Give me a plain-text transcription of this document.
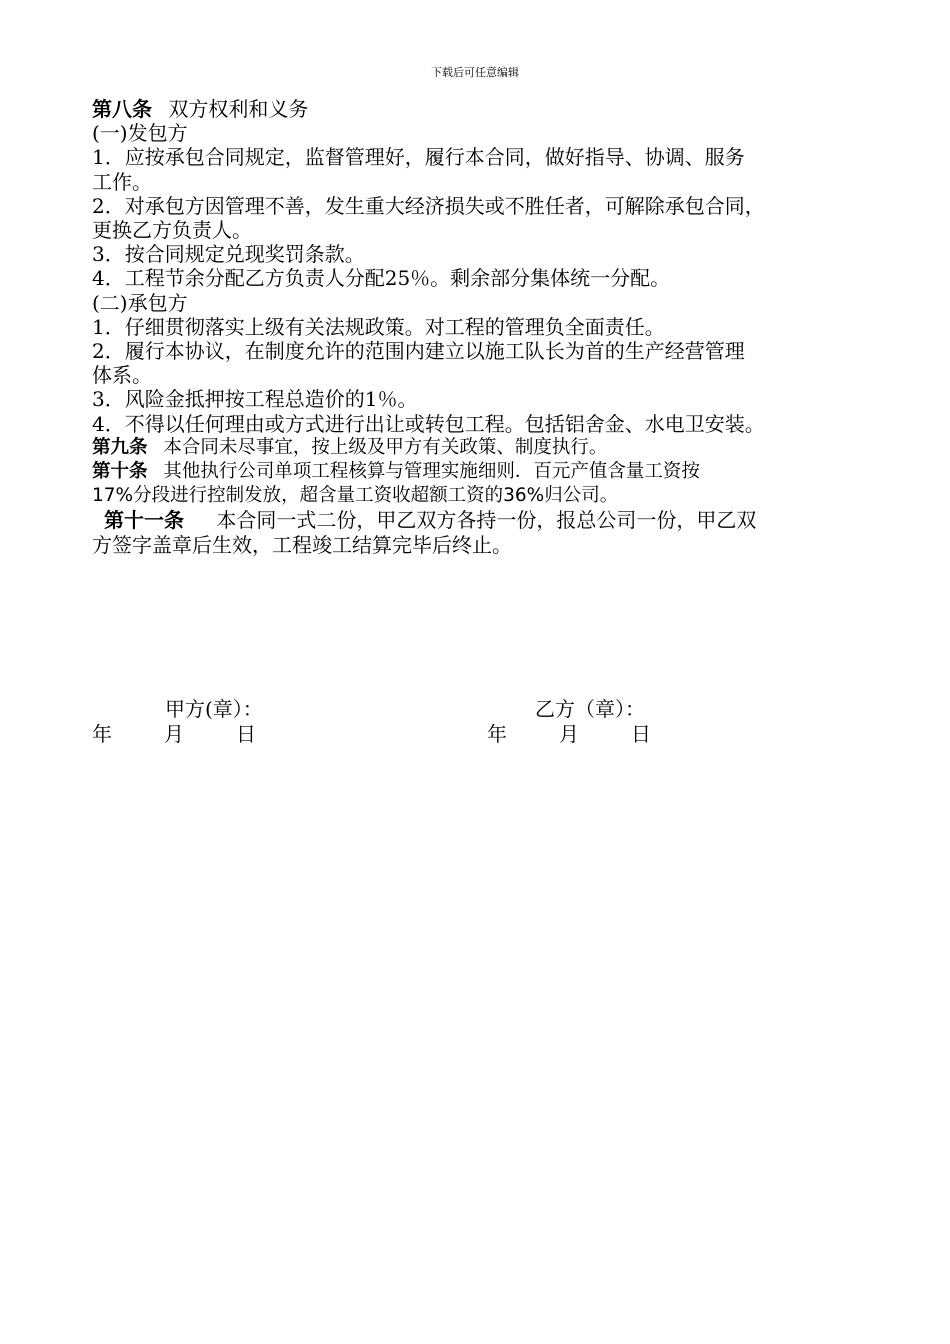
下载后可任意编辑
第八条 双方权利和义务
(一)发包方
1．应按承包合同规定，监督管理好，履行本合同，做好指导、协调、服务
工作。
2．对承包方因管理不善，发生重大经济损失或不胜任者，可解除承包合同，
更换乙方负责人。
3．按合同规定兑现奖罚条款。
4．工程节余分配乙方负责人分配25％。剩余部分集体统一分配。
(二)承包方
1．仔细贯彻落实上级有关法规政策。对工程的管理负全面责任。
2．履行本协议，在制度允许的范围内建立以施工队长为首的生产经营管理
体系。
3．风险金抵押按工程总造价的1％。
4．不得以任何理由或方式进行出让或转包工程。包括铝舍金、水电卫安装。
第九条 本合同未尽事宜，按上级及甲方有关政策、制度执行。
第十条 其他执行公司单项工程核算与管理实施细则．百元产值含量工资按
17%分段进行控制发放，超含量工资收超额工资的36%归公司。
第十一条 本合同一式二份，甲乙双方各持一份，报总公司一份，甲乙双
方签字盖章后生效，工程竣工结算完毕后终止。
甲方(章）：	乙方（章）：
年	月	日	年	月	日
